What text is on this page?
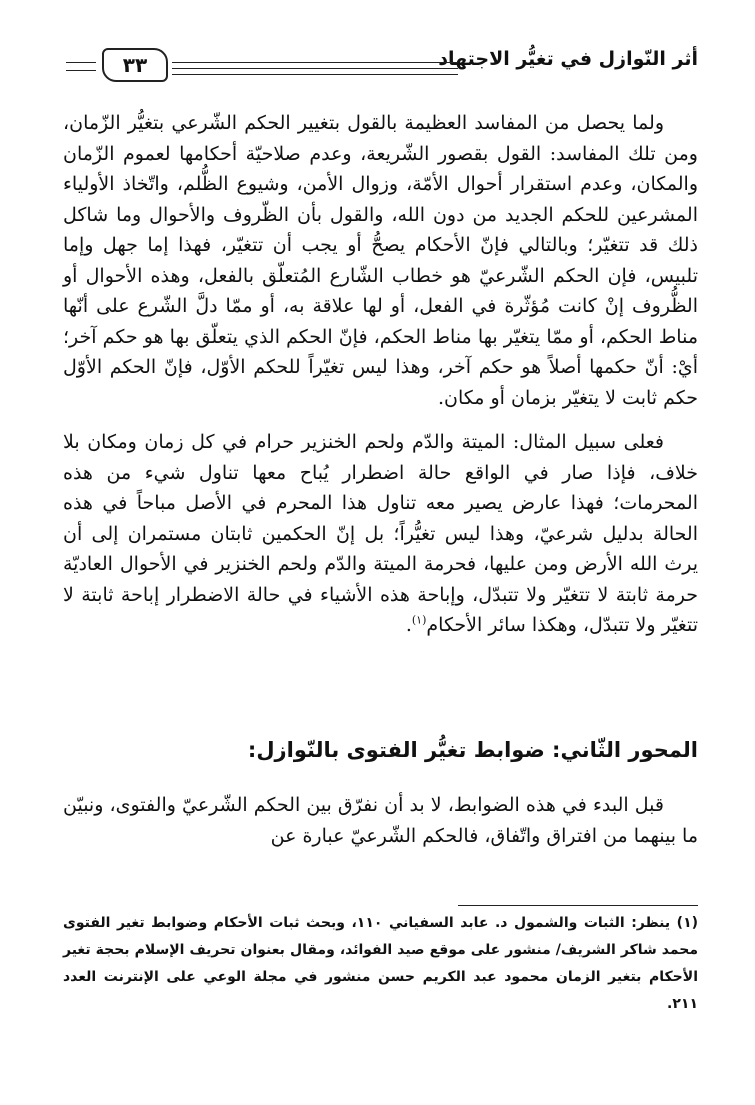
أثر النّوازل في تغيُّر الاجتهاد
٣٣

ولما يحصل من المفاسد العظيمة بالقول بتغيير الحكم الشّرعي بتغيُّر الزّمان، ومن تلك المفاسد: القول بقصور الشّريعة، وعدم صلاحيّة أحكامها لعموم الزّمان والمكان، وعدم استقرار أحوال الأمّة، وزوال الأمن، وشيوع الظُّلم، واتّخاذ الأولياء المشرعين للحكم الجديد من دون الله، والقول بأن الظّروف والأحوال وما شاكل ذلك قد تتغيّر؛ وبالتالي فإنّ الأحكام يصحُّ أو يجب أن تتغيّر، فهذا إما جهل وإما تلبيس، فإن الحكم الشّرعيّ هو خطاب الشّارع المُتعلّق بالفعل، وهذه الأحوال أو الظُّروف إنْ كانت مُؤثّرة في الفعل، أو لها علاقة به، أو ممّا دلَّ الشّرع على أنّها مناط الحكم، أو ممّا يتغيّر بها مناط الحكم، فإنّ الحكم الذي يتعلّق بها هو حكم آخر؛ أيْ: أنّ حكمها أصلاً هو حكم آخر، وهذا ليس تغيّراً للحكم الأوّل، فإنّ الحكم الأوّل حكم ثابت لا يتغيّر بزمان أو مكان.

فعلى سبيل المثال: الميتة والدّم ولحم الخنزير حرام في كل زمان ومكان بلا خلاف، فإذا صار في الواقع حالة اضطرار يُباح معها تناول شيء من هذه المحرمات؛ فهذا عارض يصير معه تناول هذا المحرم في الأصل مباحاً في هذه الحالة بدليل شرعيّ، وهذا ليس تغيُّراً؛ بل إنّ الحكمين ثابتان مستمران إلى أن يرث الله الأرض ومن عليها، فحرمة الميتة والدّم ولحم الخنزير في الأحوال العاديّة حرمة ثابتة لا تتغيّر ولا تتبدّل، وإباحة هذه الأشياء في حالة الاضطرار إباحة ثابتة لا تتغيّر ولا تتبدّل، وهكذا سائر الأحكام$^{(١)}$.

المحور الثّاني: ضوابط تغيُّر الفتوى بالنّوازل:

قبل البدء في هذه الضوابط، لا بد أن نفرّق بين الحكم الشّرعيّ والفتوى، ونبيّن ما بينهما من افتراق واتّفاق، فالحكم الشّرعيّ عبارة عن

(١) ينظر: الثبات والشمول د. عابد السفياني ١١٠، وبحث ثبات الأحكام وضوابط تغير الفتوى محمد شاكر الشريف/ منشور على موقع صيد الفوائد، ومقال بعنوان تحريف الإسلام بحجة تغير الأحكام بتغير الزمان محمود عبد الكريم حسن منشور في مجلة الوعي على الإنترنت العدد ٢١١.
